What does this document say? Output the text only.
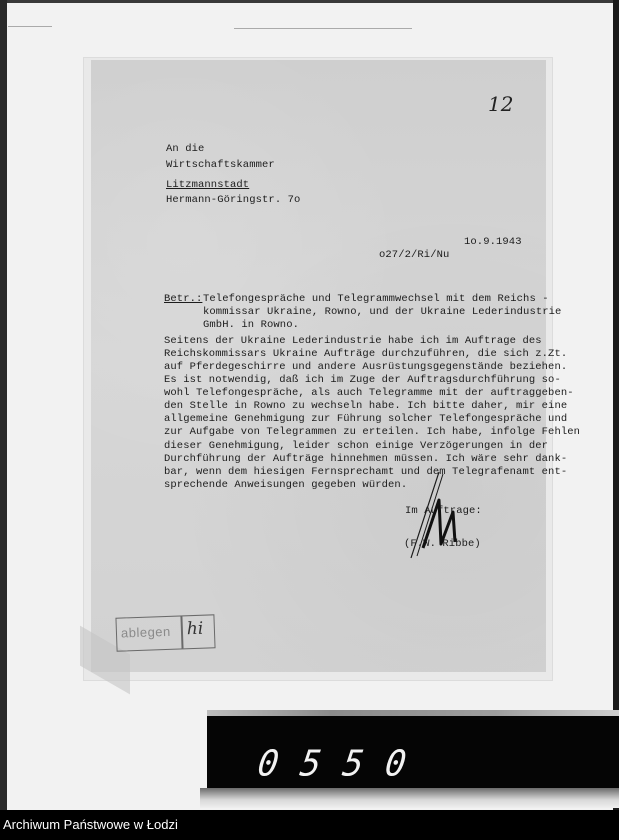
12
An die
Wirtschaftskammer
Litzmannstadt
Hermann-Göringstr. 7o
1o.9.1943
o27/2/Ri/Nu
Betr.: Telefongespräche und Telegrammwechsel mit dem Reichs -
kommissar Ukraine, Rowno, und der Ukraine Lederindustrie
GmbH. in Rowno.
Seitens der Ukraine Lederindustrie habe ich im Auftrage des
Reichskommissars Ukraine Aufträge durchzuführen, die sich z.Zt.
auf Pferdegeschirre und andere Ausrüstungsgegenstände beziehen.
Es ist notwendig, daß ich im Zuge der Auftragsdurchführung so-
wohl Telefongespräche, als auch Telegramme mit der auftraggeben-
den Stelle in Rowno zu wechseln habe. Ich bitte daher, mir eine
allgemeine Genehmigung zur Führung solcher Telefongespräche und
zur Aufgabe von Telegrammen zu erteilen. Ich habe, infolge Fehlen
dieser Genehmigung, leider schon einige Verzögerungen in der
Durchführung der Aufträge hinnehmen müssen. Ich wäre sehr dank-
bar, wenn dem hiesigen Fernsprechamt und dem Telegrafenamt ent-
sprechende Anweisungen gegeben würden.
Im Auftrage:
(F.W. Ribbe)
ablegen hi
0550
Archiwum Państwowe w Łodzi
